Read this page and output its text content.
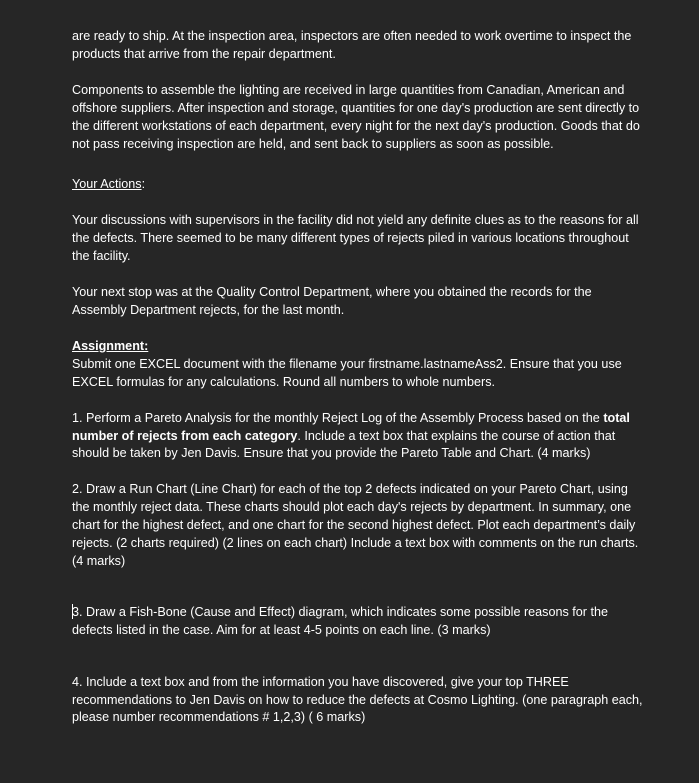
are ready to ship. At the inspection area, inspectors are often needed to work overtime to inspect the products that arrive from the repair department.

Components to assemble the lighting are received in large quantities from Canadian, American and offshore suppliers. After inspection and storage, quantities for one day's production are sent directly to the different workstations of each department, every night for the next day's production. Goods that do not pass receiving inspection are held, and sent back to suppliers as soon as possible.

Your Actions:

Your discussions with supervisors in the facility did not yield any definite clues as to the reasons for all the defects. There seemed to be many different types of rejects piled in various locations throughout the facility.

Your next stop was at the Quality Control Department, where you obtained the records for the Assembly Department rejects, for the last month.

Assignment:

Submit one EXCEL document with the filename your firstname.lastnameAss2. Ensure that you use EXCEL formulas for any calculations. Round all numbers to whole numbers.

1. Perform a Pareto Analysis for the monthly Reject Log of the Assembly Process based on the total number of rejects from each category. Include a text box that explains the course of action that should be taken by Jen Davis. Ensure that you provide the Pareto Table and Chart. (4 marks)

2. Draw a Run Chart (Line Chart) for each of the top 2 defects indicated on your Pareto Chart, using the monthly reject data. These charts should plot each day's rejects by department. In summary, one chart for the highest defect, and one chart for the second highest defect. Plot each department’s daily rejects. (2 charts required) (2 lines on each chart) Include a text box with comments on the run charts. (4 marks)

3. Draw a Fish-Bone (Cause and Effect) diagram, which indicates some possible reasons for the defects listed in the case. Aim for at least 4-5 points on each line. (3 marks)

4. Include a text box and from the information you have discovered, give your top THREE recommendations to Jen Davis on how to reduce the defects at Cosmo Lighting. (one paragraph each, please number recommendations # 1,2,3) ( 6 marks)
